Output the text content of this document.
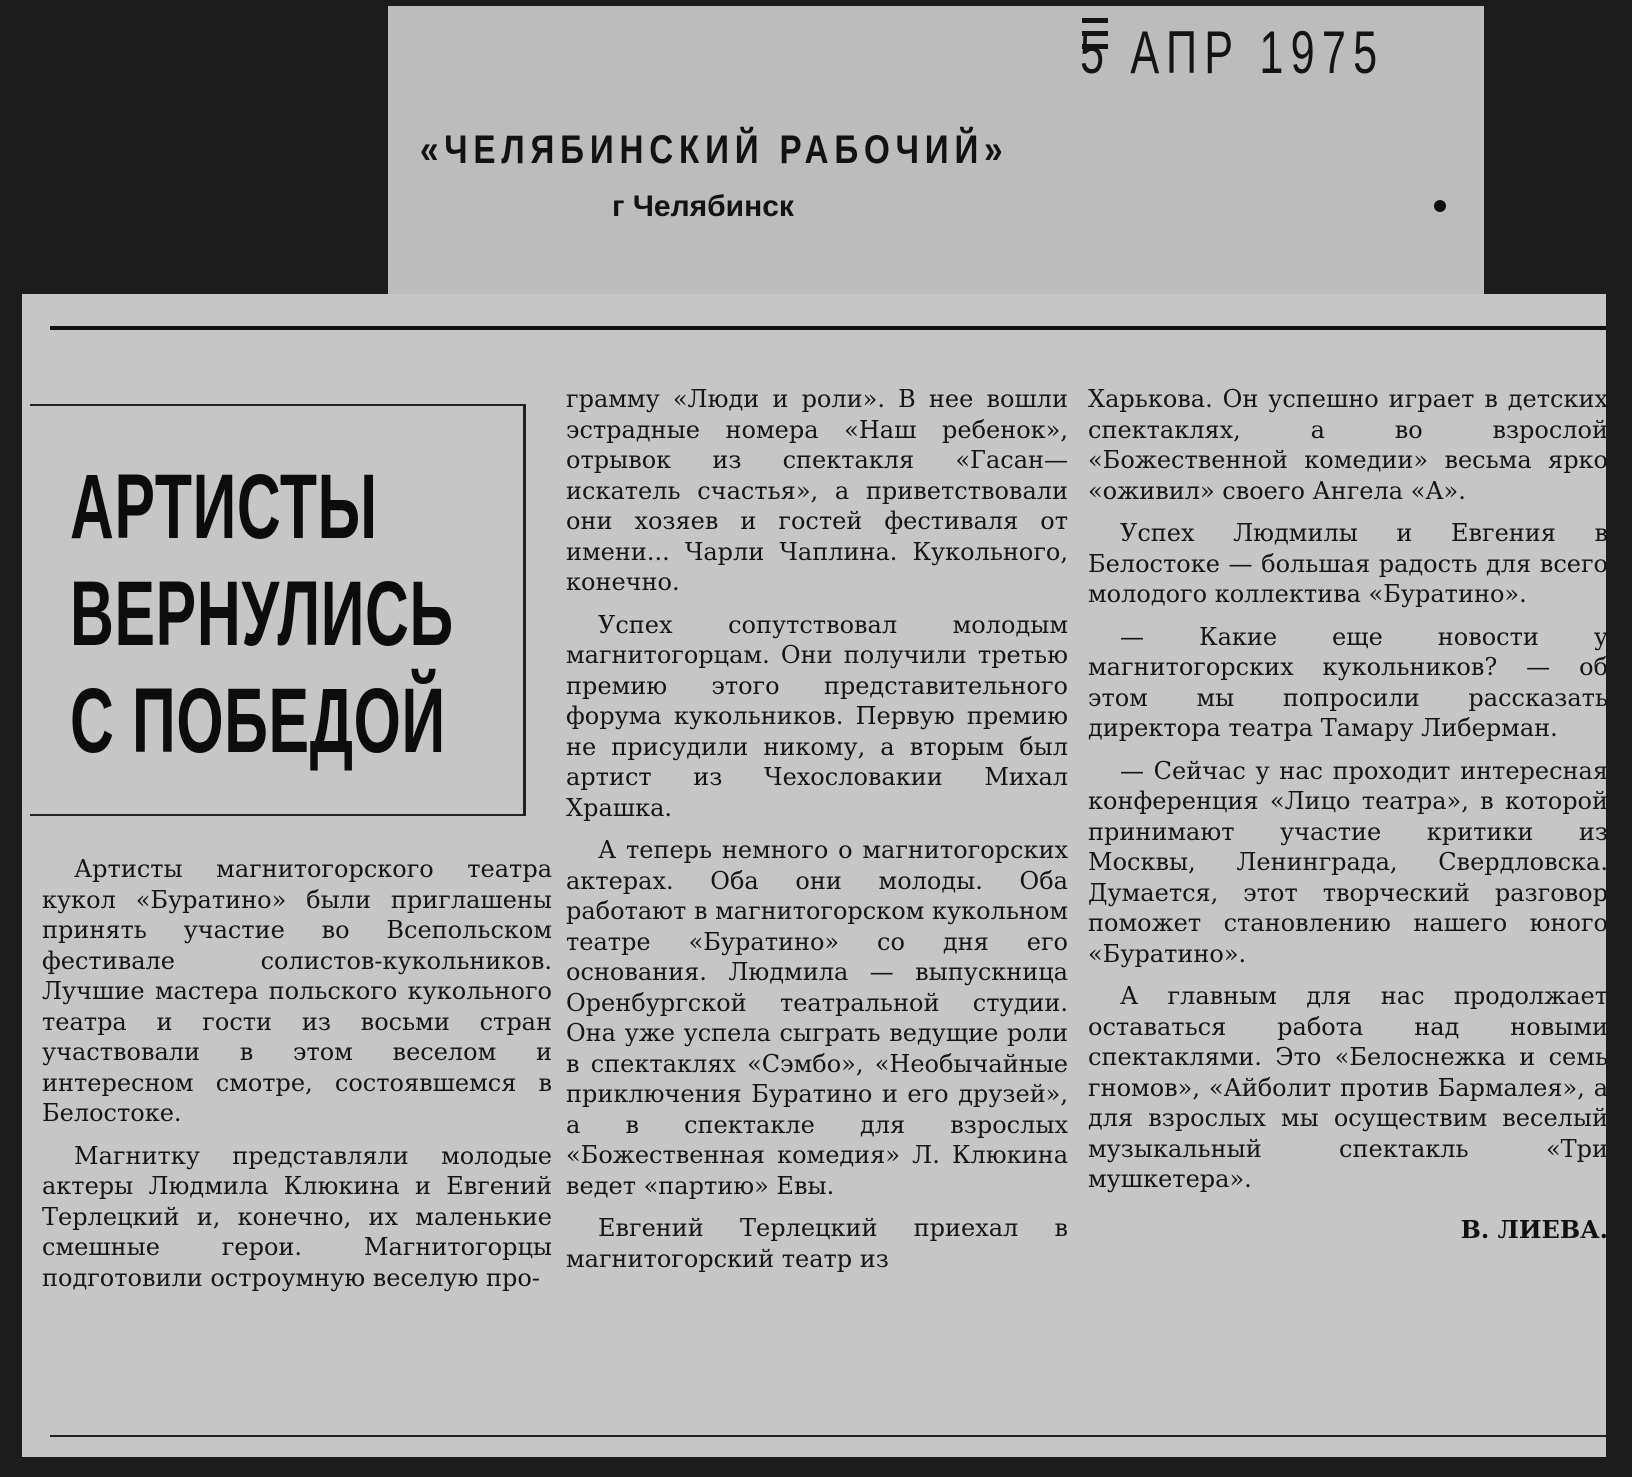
5 АПР 1975
«ЧЕЛЯБИНСКИЙ РАБОЧИЙ»
г Челябинск
АРТИСТЫ
ВЕРНУЛИСЬ
С ПОБЕДОЙ

Артисты магнитогорского театра кукол «Буратино» были приглашены принять участие во Всепольском фестивале солистов-кукольников. Лучшие мастера польского кукольного театра и гости из восьми стран участвовали в этом веселом и интересном смотре, состоявшемся в Белостоке.

Магнитку представляли молодые актеры Людмила Клюкина и Евгений Терлецкий и, конечно, их маленькие смешные герои. Магнитогорцы подготовили остроумную веселую про-

грамму «Люди и роли». В нее вошли эстрадные номера «Наш ребенок», отрывок из спектакля «Гасан—искатель счастья», а приветствовали они хозяев и гостей фестиваля от имени... Чарли Чаплина. Кукольного, конечно.

Успех сопутствовал молодым магнитогорцам. Они получили третью премию этого представительного форума кукольников. Первую премию не присудили никому, а вторым был артист из Чехословакии Михал Храшка.

А теперь немного о магнитогорских актерах. Оба они молоды. Оба работают в магнитогорском кукольном театре «Буратино» со дня его основания. Людмила — выпускница Оренбургской театральной студии. Она уже успела сыграть ведущие роли в спектаклях «Сэмбо», «Необычайные приключения Буратино и его друзей», а в спектакле для взрослых «Божественная комедия» Л. Клюкина ведет «партию» Евы.

Евгений Терлецкий приехал в магнитогорский театр из

Харькова. Он успешно играет в детских спектаклях, а во взрослой «Божественной комедии» весьма ярко «оживил» своего Ангела «А».

Успех Людмилы и Евгения в Белостоке — большая радость для всего молодого коллектива «Буратино».

— Какие еще новости у магнитогорских кукольников? — об этом мы попросили рассказать директора театра Тамару Либерман.

— Сейчас у нас проходит интересная конференция «Лицо театра», в которой принимают участие критики из Москвы, Ленинграда, Свердловска. Думается, этот творческий разговор поможет становлению нашего юного «Буратино».

А главным для нас продолжает оставаться работа над новыми спектаклями. Это «Белоснежка и семь гномов», «Айболит против Бармалея», а для взрослых мы осуществим веселый музыкальный спектакль «Три мушкетера».

В. ЛИЕВА.
